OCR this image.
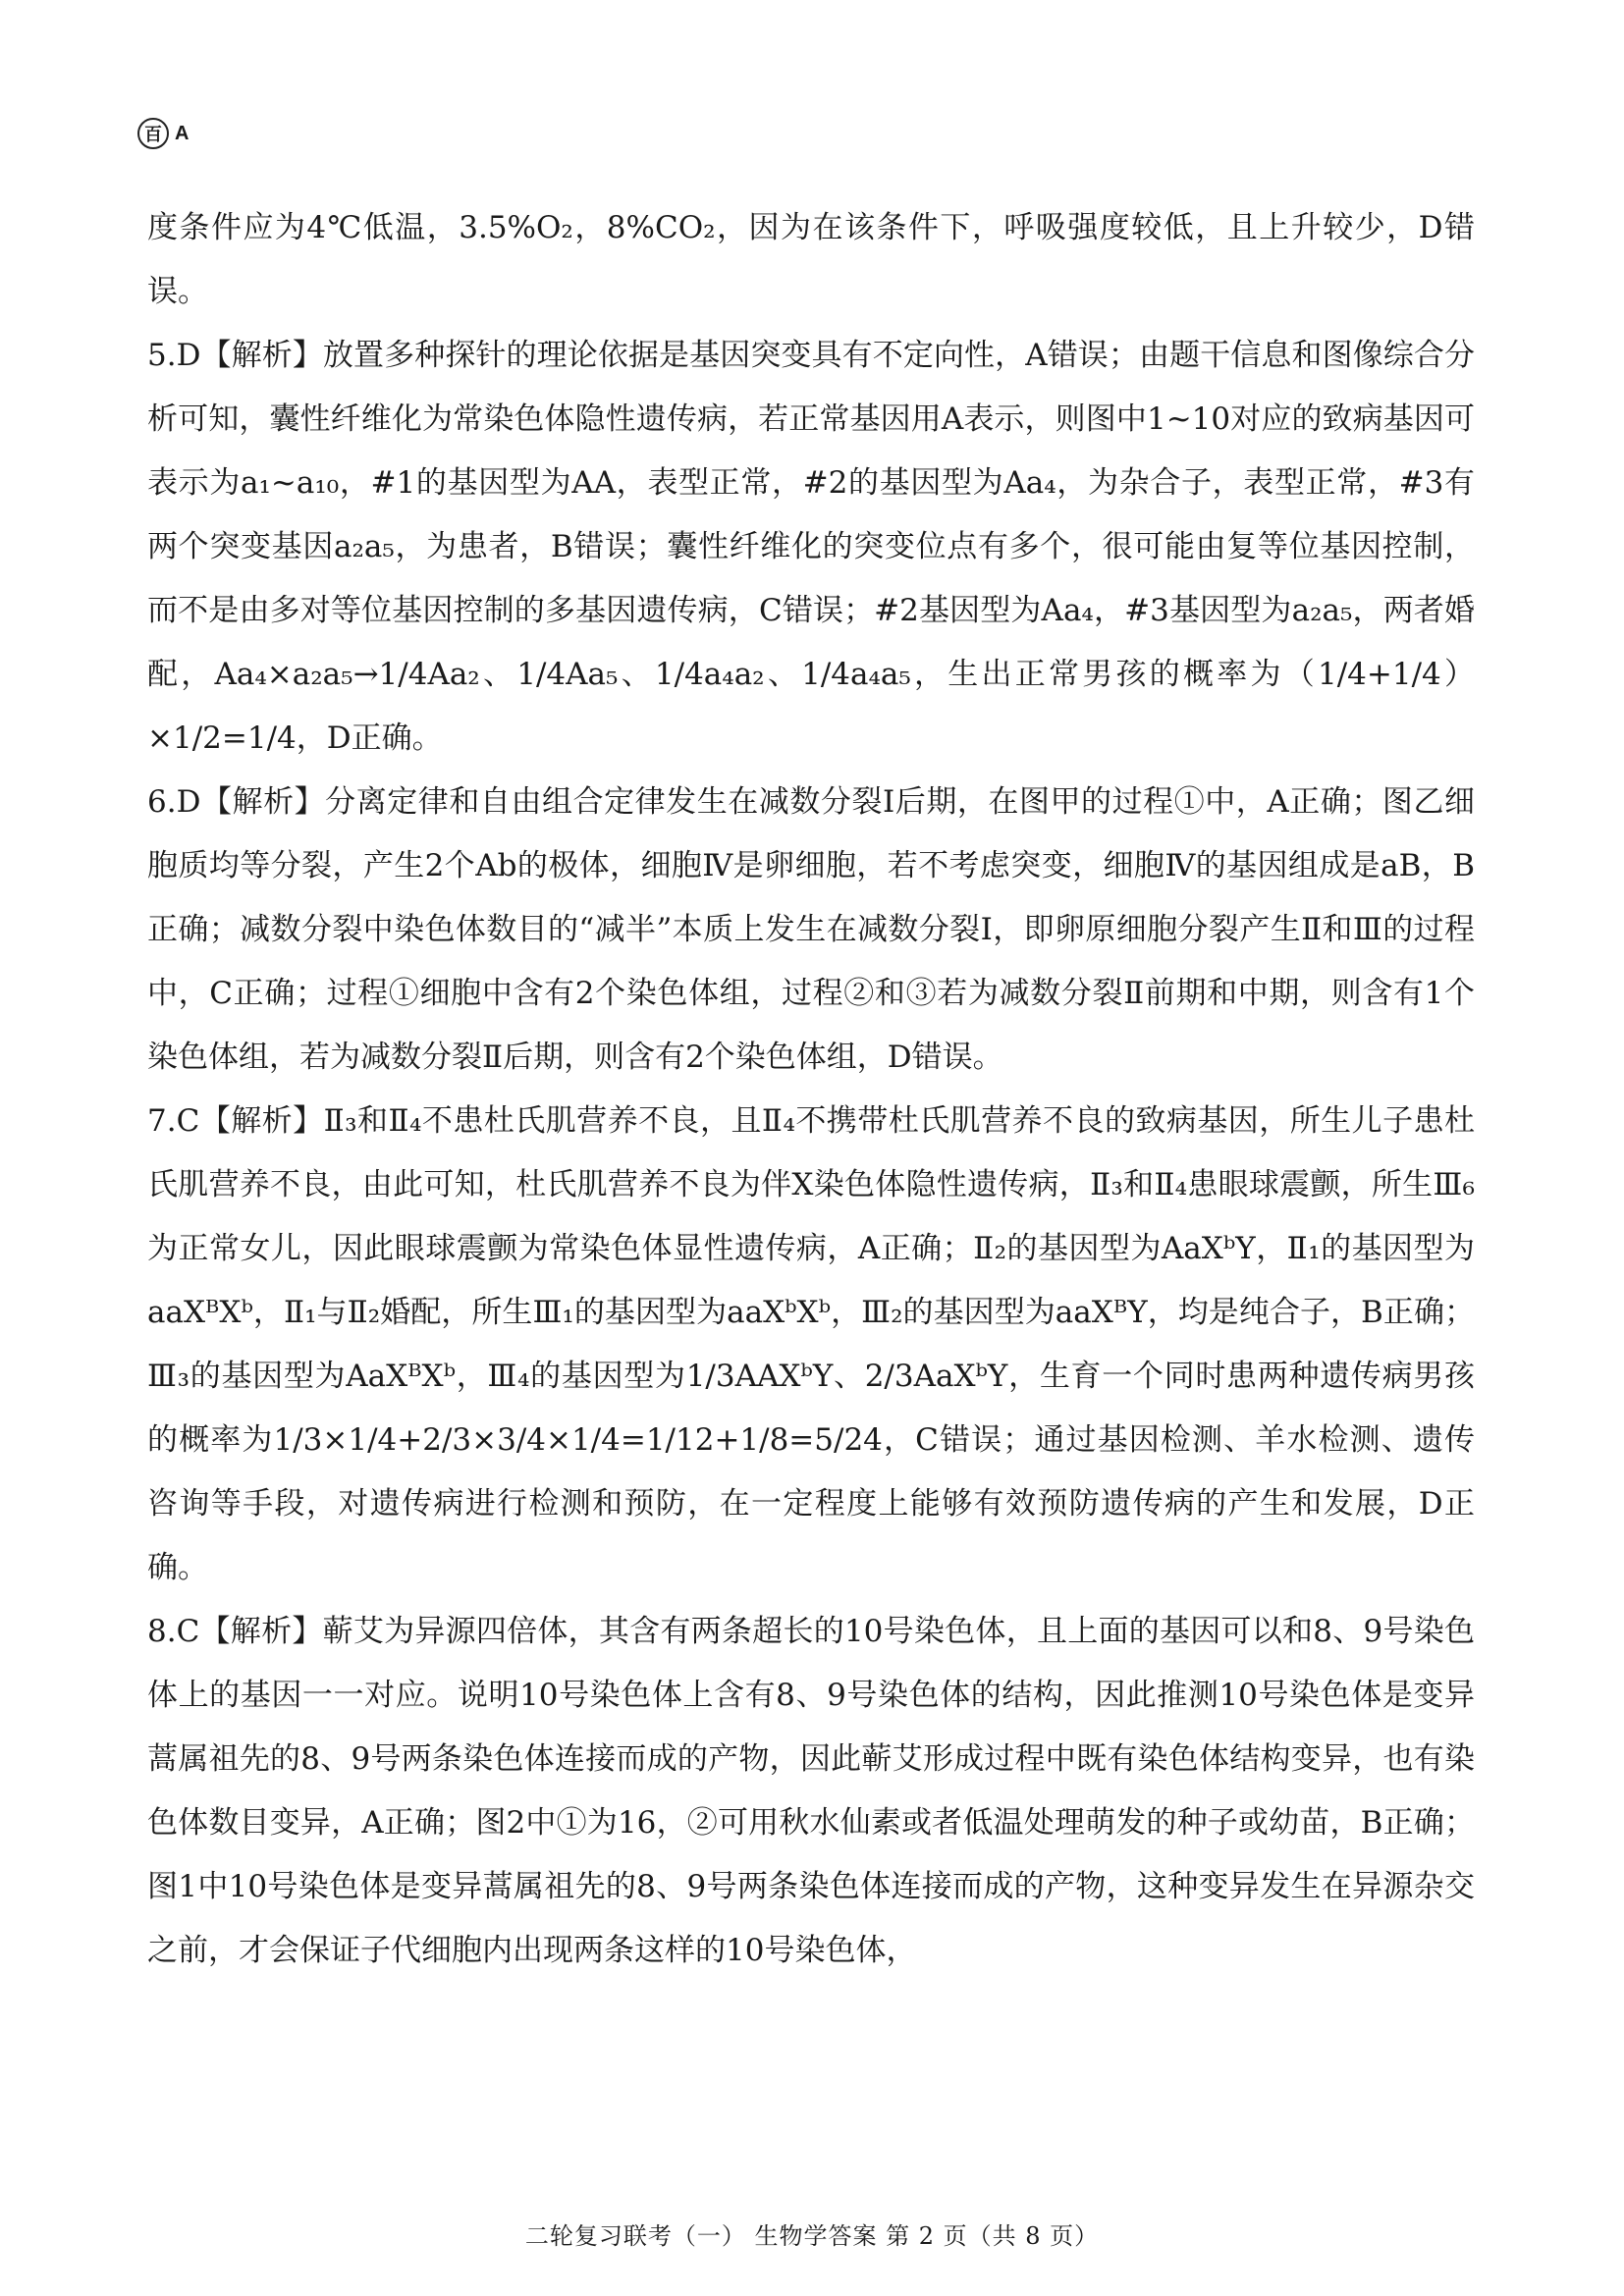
百 A

度条件应为4℃低温，3.5%O₂，8%CO₂，因为在该条件下，呼吸强度较低，且上升较少，D错误。

5.D【解析】放置多种探针的理论依据是基因突变具有不定向性，A错误；由题干信息和图像综合分析可知，囊性纤维化为常染色体隐性遗传病，若正常基因用A表示，则图中1~10对应的致病基因可表示为a₁~a₁₀，#1的基因型为AA，表型正常，#2的基因型为Aa₄，为杂合子，表型正常，#3有两个突变基因a₂a₅，为患者，B错误；囊性纤维化的突变位点有多个，很可能由复等位基因控制，而不是由多对等位基因控制的多基因遗传病，C错误；#2基因型为Aa₄，#3基因型为a₂a₅，两者婚配，Aa₄×a₂a₅→1/4Aa₂、1/4Aa₅、1/4a₄a₂、1/4a₄a₅，生出正常男孩的概率为（1/4+1/4）×1/2=1/4，D正确。

6.D【解析】分离定律和自由组合定律发生在减数分裂Ⅰ后期，在图甲的过程①中，A正确；图乙细胞质均等分裂，产生2个Ab的极体，细胞Ⅳ是卵细胞，若不考虑突变，细胞Ⅳ的基因组成是aB，B正确；减数分裂中染色体数目的“减半”本质上发生在减数分裂Ⅰ，即卵原细胞分裂产生Ⅱ和Ⅲ的过程中，C正确；过程①细胞中含有2个染色体组，过程②和③若为减数分裂Ⅱ前期和中期，则含有1个染色体组，若为减数分裂Ⅱ后期，则含有2个染色体组，D错误。

7.C【解析】Ⅱ₃和Ⅱ₄不患杜氏肌营养不良，且Ⅱ₄不携带杜氏肌营养不良的致病基因，所生儿子患杜氏肌营养不良，由此可知，杜氏肌营养不良为伴X染色体隐性遗传病，Ⅱ₃和Ⅱ₄患眼球震颤，所生Ⅲ₆为正常女儿，因此眼球震颤为常染色体显性遗传病，A正确；Ⅱ₂的基因型为AaXᵇY，Ⅱ₁的基因型为aaXᴮXᵇ，Ⅱ₁与Ⅱ₂婚配，所生Ⅲ₁的基因型为aaXᵇXᵇ，Ⅲ₂的基因型为aaXᴮY，均是纯合子，B正确；Ⅲ₃的基因型为AaXᴮXᵇ，Ⅲ₄的基因型为1/3AAXᵇY、2/3AaXᵇY，生育一个同时患两种遗传病男孩的概率为1/3×1/4+2/3×3/4×1/4=1/12+1/8=5/24，C错误；通过基因检测、羊水检测、遗传咨询等手段，对遗传病进行检测和预防，在一定程度上能够有效预防遗传病的产生和发展，D正确。

8.C【解析】蕲艾为异源四倍体，其含有两条超长的10号染色体，且上面的基因可以和8、9号染色体上的基因一一对应。说明10号染色体上含有8、9号染色体的结构，因此推测10号染色体是变异蒿属祖先的8、9号两条染色体连接而成的产物，因此蕲艾形成过程中既有染色体结构变异，也有染色体数目变异，A正确；图2中①为16，②可用秋水仙素或者低温处理萌发的种子或幼苗，B正确；图1中10号染色体是变异蒿属祖先的8、9号两条染色体连接而成的产物，这种变异发生在异源杂交之前，才会保证子代细胞内出现两条这样的10号染色体，

二轮复习联考（一） 生物学答案 第 2 页（共 8 页）
